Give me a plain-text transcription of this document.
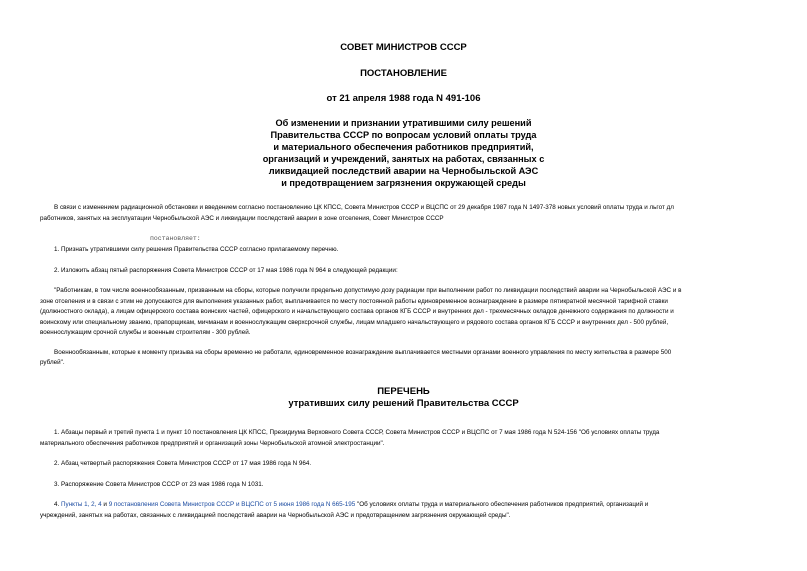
СОВЕТ МИНИСТРОВ СССР
ПОСТАНОВЛЕНИЕ
от 21 апреля 1988 года N 491-106
Об изменении и признании утратившими силу решений
Правительства СССР по вопросам условий оплаты труда
и материального обеспечения работников предприятий,
организаций и учреждений, занятых на работах, связанных с
ликвидацией последствий аварии на Чернобыльской АЭС
и предотвращением загрязнения окружающей среды
В связи с изменением радиационной обстановки и введением согласно постановлению ЦК КПСС, Совета Министров СССР и ВЦСПС от 29 декабря 1987 года N 1497-378 новых условий оплаты труда и льгот дл
работников, занятых на эксплуатации Чернобыльской АЭС и ликвидации последствий аварии в зоне отселения, Совет Министров СССР
постановляет:
1. Признать утратившими силу решения Правительства СССР согласно прилагаемому перечню.
2. Изложить абзац пятый распоряжения Совета Министров СССР от 17 мая 1986 года N 964 в следующей редакции:
"Работникам, в том числе военнообязанным, призванным на сборы, которые получили предельно допустимую дозу радиации при выполнении работ по ликвидации последствий аварии на Чернобыльской АЭС и в
зоне отселения и в связи с этим не допускаются для выполнения указанных работ, выплачивается по месту постоянной работы единовременное вознаграждение в размере пятикратной месячной тарифной ставки
(должностного оклада), а лицам офицерского состава воинских частей, офицерского и начальствующего состава органов КГБ СССР и внутренних дел - трехмесячных окладов денежного содержания по должности и
воинскому или специальному званию, прапорщикам, мичманам и военнослужащим сверхсрочной службы, лицам младшего начальствующего и рядового состава органов КГБ СССР и внутренних дел - 500 рублей,
военнослужащим срочной службы и военным строителям - 300 рублей.
Военнообязанным, которые к моменту призыва на сборы временно не работали, единовременное вознаграждение выплачивается местными органами военного управления по месту жительства в размере 500
рублей".
ПЕРЕЧЕНЬ
утративших силу решений Правительства СССР
1. Абзацы первый и третий пункта 1 и пункт 10 постановления ЦК КПСС, Президиума Верховного Совета СССР, Совета Министров СССР и ВЦСПС от 7 мая 1986 года N 524-156 "Об условиях оплаты труда
материального обеспечения работников предприятий и организаций зоны Чернобыльской атомной электростанции".
2. Абзац четвертый распоряжения Совета Министров СССР от 17 мая 1986 года N 964.
3. Распоряжение Совета Министров СССР от 23 мая 1986 года N 1031.
4. Пункты 1, 2, 4 и 9 постановления Совета Министров СССР и ВЦСПС от 5 июня 1986 года N 665-195 "Об условиях оплаты труда и материального обеспечения работников предприятий, организаций и
учреждений, занятых на работах, связанных с ликвидацией последствий аварии на Чернобыльской АЭС и предотвращением загрязнения окружающей среды".
